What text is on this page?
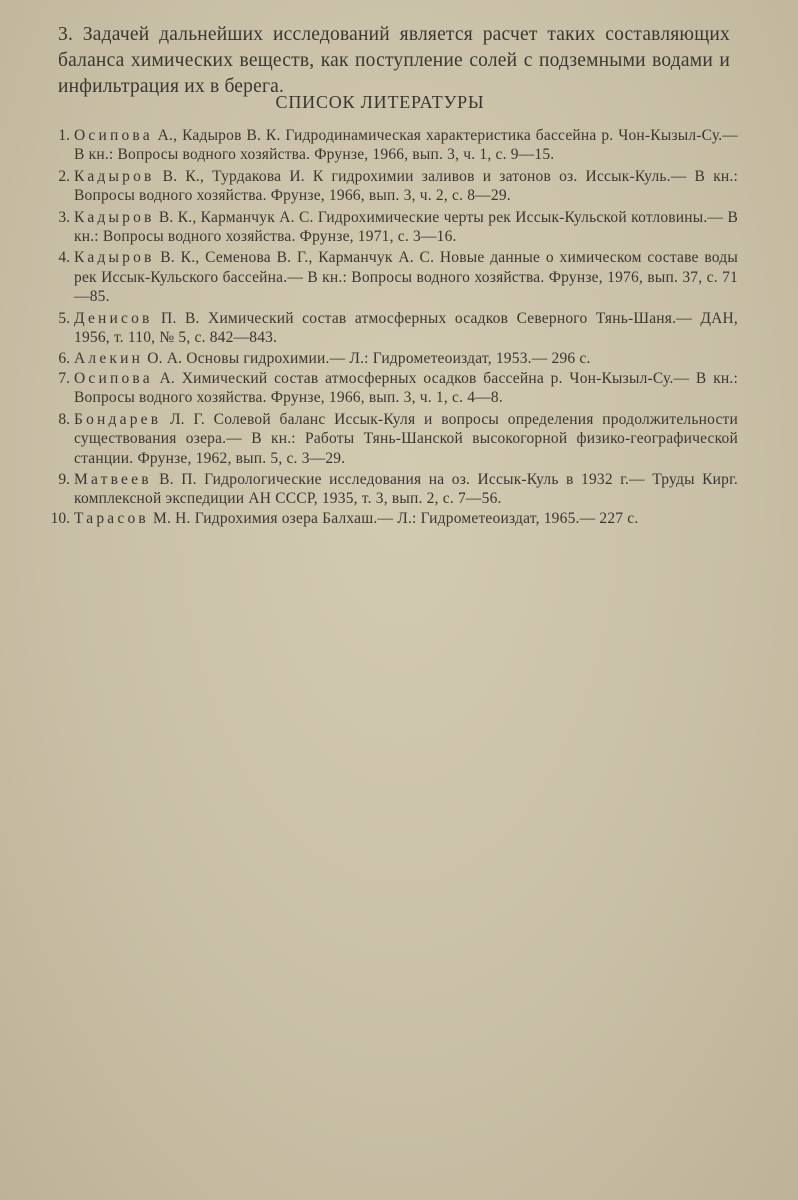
3. Задачей дальнейших исследований является расчет таких составляющих баланса химических веществ, как поступление солей с подземными водами и инфильтрация их в берега.

СПИСОК ЛИТЕРАТУРЫ
1. Осипова А., Кадыров В. К. Гидродинамическая характеристика бассейна р. Чон-Кызыл-Су.— В кн.: Вопросы водного хозяйства. Фрунзе, 1966, вып. 3, ч. 1, с. 9—15.
2. Кадыров В. К., Турдакова И. К гидрохимии заливов и затонов оз. Иссык-Куль.— В кн.: Вопросы водного хозяйства. Фрунзе, 1966, вып. 3, ч. 2, с. 8—29.
3. Кадыров В. К., Карманчук А. С. Гидрохимические черты рек Иссык-Кульской котловины.— В кн.: Вопросы водного хозяйства. Фрунзе, 1971, с. 3—16.
4. Кадыров В. К., Семенова В. Г., Карманчук А. С. Новые данные о химическом составе воды рек Иссык-Кульского бассейна.— В кн.: Вопросы водного хозяйства. Фрунзе, 1976, вып. 37, с. 71—85.
5. Денисов П. В. Химический состав атмосферных осадков Северного Тянь-Шаня.— ДАН, 1956, т. 110, № 5, с. 842—843.
6. Алекин О. А. Основы гидрохимии.— Л.: Гидрометеоиздат, 1953.— 296 с.
7. Осипова А. Химический состав атмосферных осадков бассейна р. Чон-Кызыл-Су.— В кн.: Вопросы водного хозяйства. Фрунзе, 1966, вып. 3, ч. 1, с. 4—8.
8. Бондарев Л. Г. Солевой баланс Иссык-Куля и вопросы определения продолжительности существования озера.— В кн.: Работы Тянь-Шанской высокогорной физико-географической станции. Фрунзе, 1962, вып. 5, с. 3—29.
9. Матвеев В. П. Гидрологические исследования на оз. Иссык-Куль в 1932 г.— Труды Кирг. комплексной экспедиции АН СССР, 1935, т. 3, вып. 2, с. 7—56.
10. Тарасов М. Н. Гидрохимия озера Балхаш.— Л.: Гидрометеоиздат, 1965.— 227 с.
